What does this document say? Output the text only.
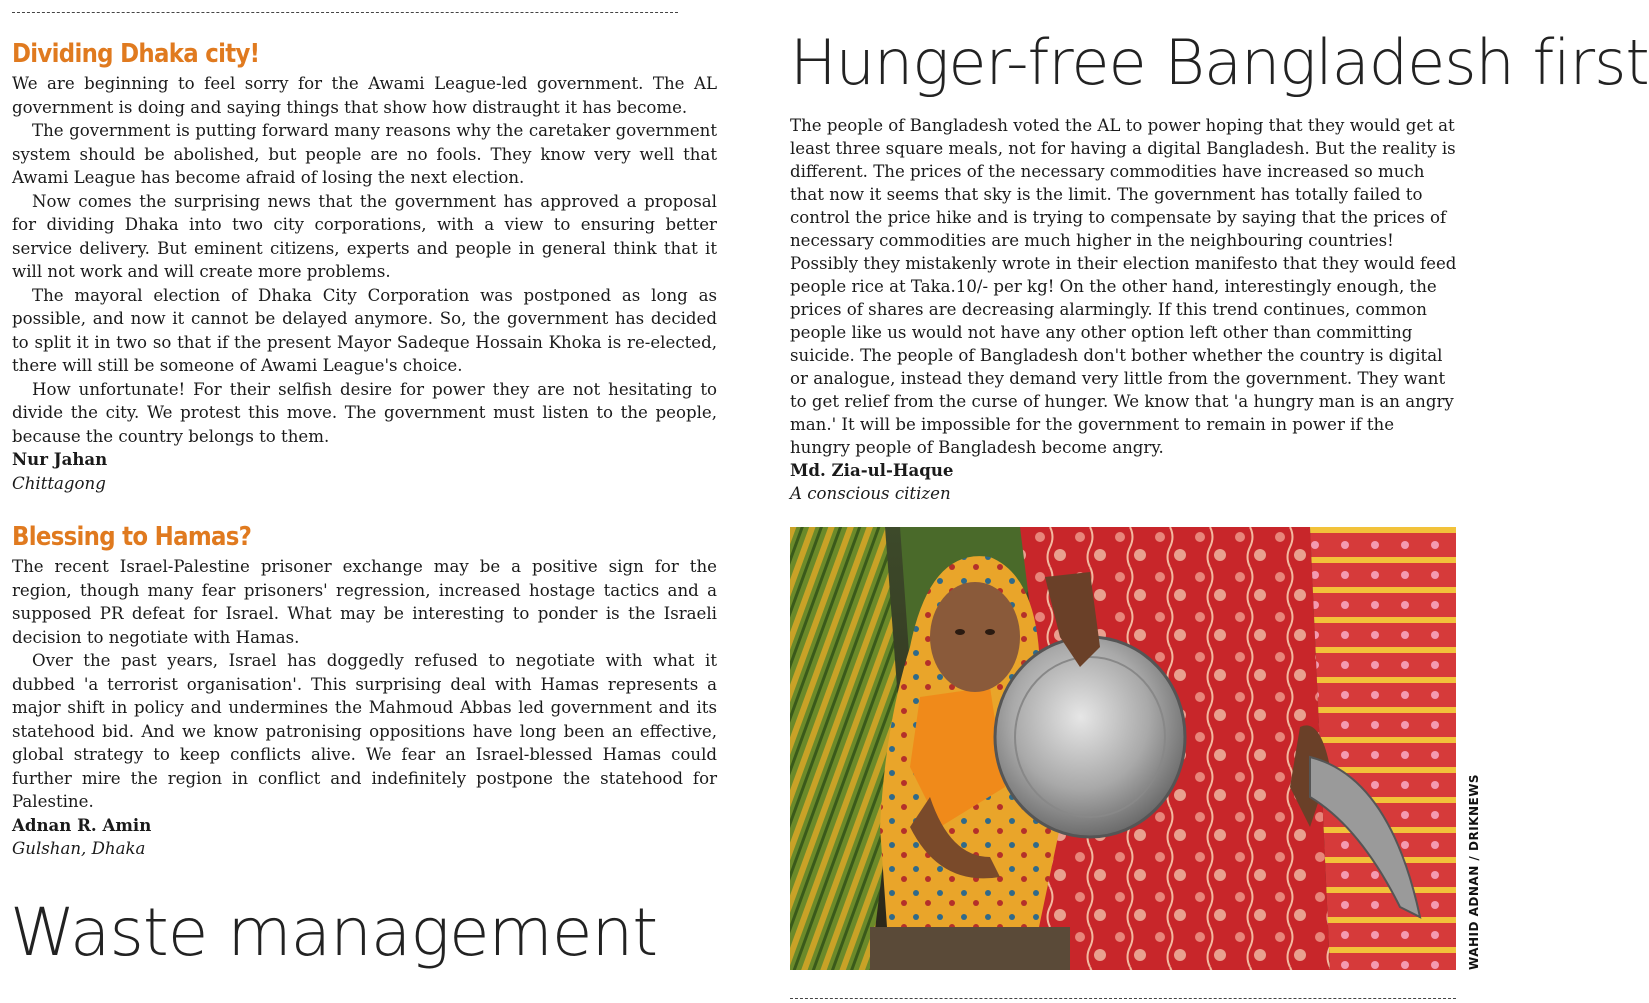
Dividing Dhaka city!

We are beginning to feel sorry for the Awami League-led government. The AL government is doing and saying things that show how distraught it has become.

The government is putting forward many reasons why the caretaker government system should be abolished, but people are no fools. They know very well that Awami League has become afraid of losing the next election.

Now comes the surprising news that the government has approved a proposal for dividing Dhaka into two city corporations, with a view to ensuring better service delivery. But eminent citizens, experts and people in general think that it will not work and will create more problems.

The mayoral election of Dhaka City Corporation was postponed as long as possible, and now it cannot be delayed anymore. So, the government has decided to split it in two so that if the present Mayor Sadeque Hossain Khoka is re-elected, there will still be someone of Awami League's choice.

How unfortunate! For their selfish desire for power they are not hesitating to divide the city. We protest this move. The government must listen to the people, because the country belongs to them.

Nur Jahan

Chittagong

Blessing to Hamas?

The recent Israel-Palestine prisoner exchange may be a positive sign for the region, though many fear prisoners' regression, increased hostage tactics and a supposed PR defeat for Israel. What may be interesting to ponder is the Israeli decision to negotiate with Hamas.

Over the past years, Israel has doggedly refused to negotiate with what it dubbed 'a terrorist organisation'. This surprising deal with Hamas represents a major shift in policy and undermines the Mahmoud Abbas led government and its statehood bid. And we know patronising oppositions have long been an effective, global strategy to keep conflicts alive. We fear an Israel-blessed Hamas could further mire the region in conflict and indefinitely postpone the statehood for Palestine.

Adnan R. Amin

Gulshan, Dhaka

Waste management
Hunger-free Bangladesh first

The people of Bangladesh voted the AL to power hoping that they would get at least three square meals, not for having a digital Bangladesh. But the reality is different. The prices of the necessary commodities have increased so much that now it seems that sky is the limit. The government has totally failed to control the price hike and is trying to compensate by saying that the prices of necessary commodities are much higher in the neighbouring countries! Possibly they mistakenly wrote in their election manifesto that they would feed people rice at Taka.10/- per kg! On the other hand, interestingly enough, the prices of shares are decreasing alarmingly. If this trend continues, common people like us would not have any other option left other than committing suicide. The people of Bangladesh don't bother whether the country is digital or analogue, instead they demand very little from the government. They want to get relief from the curse of hunger. We know that 'a hungry man is an angry man.' It will be impossible for the government to remain in power if the hungry people of Bangladesh become angry.

Md. Zia-ul-Haque

A conscious citizen

WAHID ADNAN / DRIKNEWS
